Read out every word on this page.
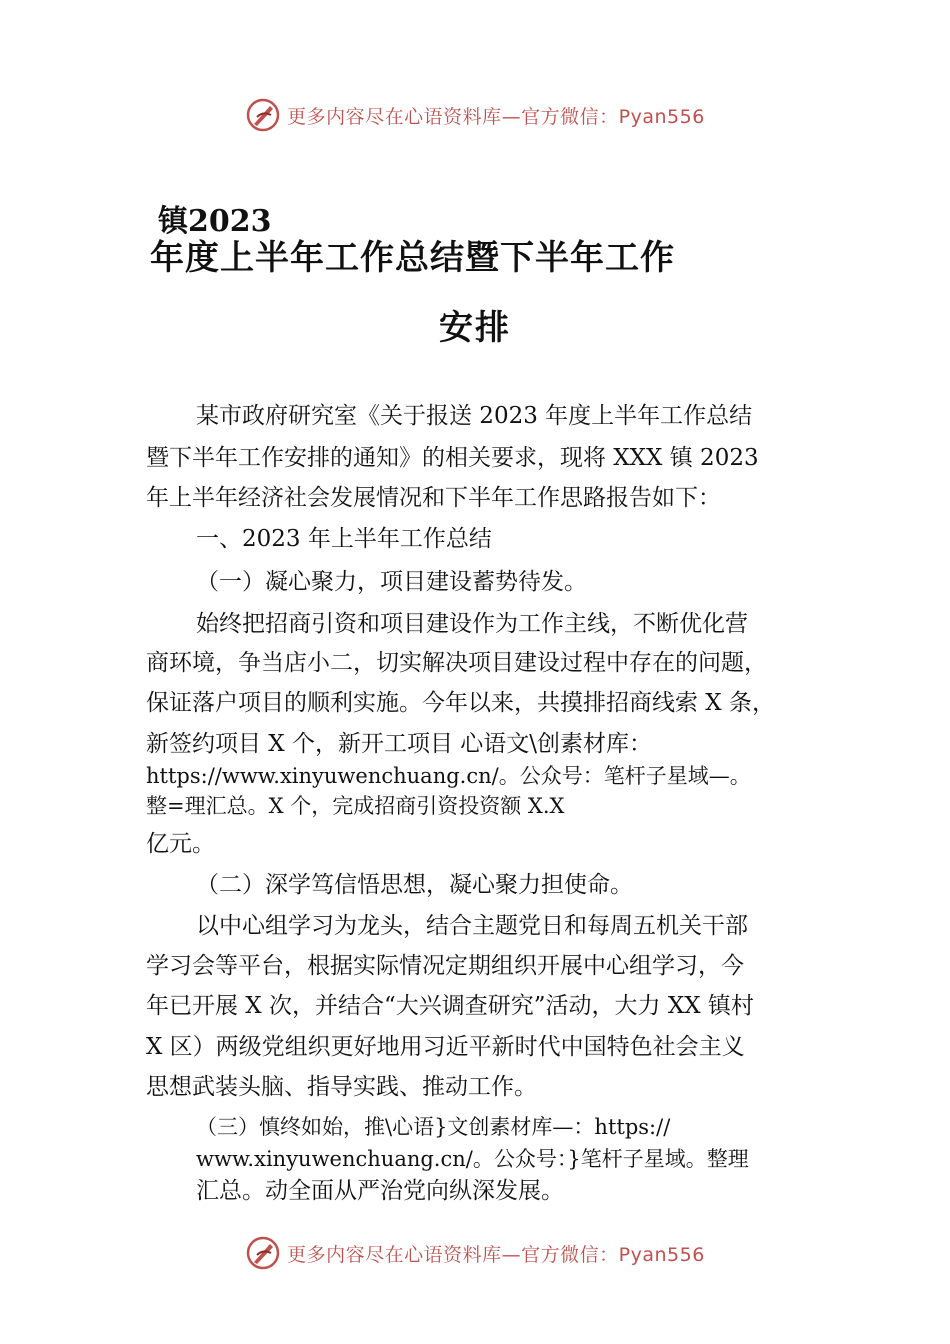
更多内容尽在心语资料库—官方微信：Pyan556
镇2023
年度上半年工作总结暨下半年工作
安排
某市政府研究室《关于报送 2023 年度上半年工作总结
暨下半年工作安排的通知》的相关要求，现将 XXX 镇 2023
年上半年经济社会发展情况和下半年工作思路报告如下：
一、2023 年上半年工作总结
（一）凝心聚力，项目建设蓄势待发。
始终把招商引资和项目建设作为工作主线，不断优化营
商环境，争当店小二，切实解决项目建设过程中存在的问题，
保证落户项目的顺利实施。今年以来，共摸排招商线索 X 条，
新签约项目 X 个，新开工项目 心语文\创素材库：
https://www.xinyuwenchuang.cn/。公众号：笔杆子星域—。
整=理汇总。X 个，完成招商引资投资额 X.X
亿元。
（二）深学笃信悟思想，凝心聚力担使命。
以中心组学习为龙头，结合主题党日和每周五机关干部
学习会等平台，根据实际情况定期组织开展中心组学习，今
年已开展 X 次，并结合“大兴调查研究”活动，大力 XX 镇村
X 区）两级党组织更好地用习近平新时代中国特色社会主义
思想武装头脑、指导实践、推动工作。
（三）慎终如始，推\心语}文创素材库—：https://
www.xinyuwenchuang.cn/。公众号：}笔杆子星域。整理
汇总。动全面从严治党向纵深发展。
更多内容尽在心语资料库—官方微信：Pyan556
